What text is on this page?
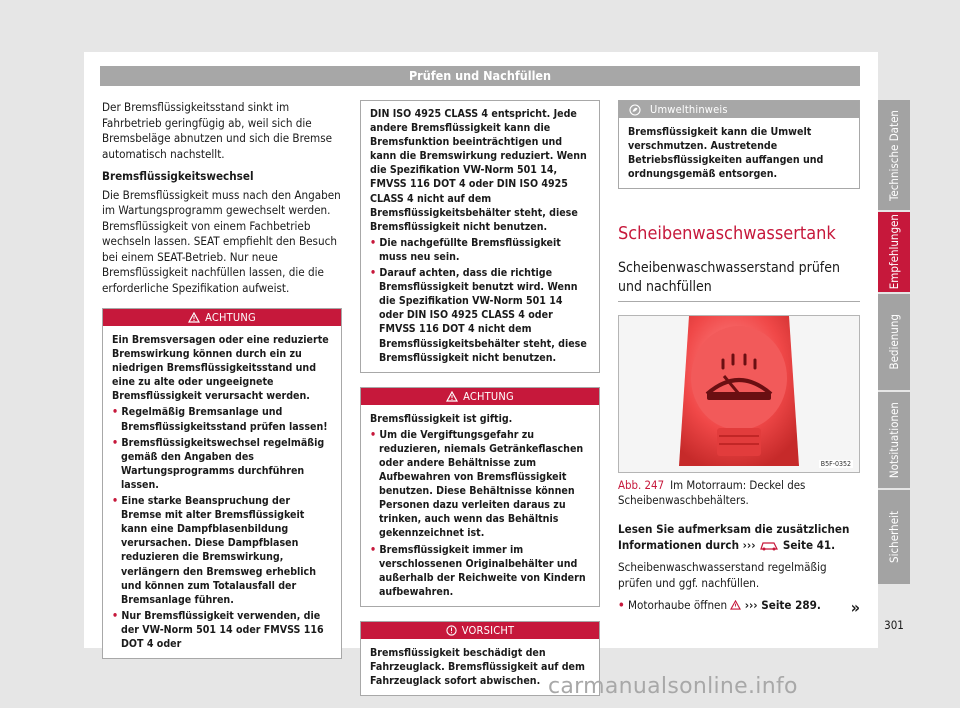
Prüfen und Nachfüllen
Technische Daten
Empfehlungen
Bedienung
Notsituationen
Sicherheit

Der Bremsflüssigkeitsstand sinkt im Fahrbetrieb geringfügig ab, weil sich die Bremsbeläge abnutzen und sich die Bremse automatisch nachstellt.

Bremsflüssigkeitswechsel

Die Bremsflüssigkeit muss nach den Angaben im Wartungsprogramm gewechselt werden. Bremsflüssigkeit von einem Fachbetrieb wechseln lassen. SEAT empfiehlt den Besuch bei einem SEAT-Betrieb. Nur neue Bremsflüssigkeit nachfüllen lassen, die die erforderliche Spezifikation aufweist.

ACHTUNG
Ein Bremsversagen oder eine reduzierte Bremswirkung können durch ein zu niedrigen Bremsflüssigkeitsstand und eine zu alte oder ungeeignete Bremsflüssigkeit verursacht werden.
• Regelmäßig Bremsanlage und Bremsflüssigkeitsstand prüfen lassen!
• Bremsflüssigkeitswechsel regelmäßig gemäß den Angaben des Wartungsprogramms durchführen lassen.
• Eine starke Beanspruchung der Bremse mit alter Bremsflüssigkeit kann eine Dampfblasenbildung verursachen. Diese Dampfblasen reduzieren die Bremswirkung, verlängern den Bremsweg erheblich und können zum Totalausfall der Bremsanlage führen.
• Nur Bremsflüssigkeit verwenden, die der VW-Norm 501 14 oder FMVSS 116 DOT 4 oder
DIN ISO 4925 CLASS 4 entspricht. Jede andere Bremsflüssigkeit kann die Bremsfunktion beeinträchtigen und kann die Bremswirkung reduziert. Wenn die Spezifikation VW-Norm 501 14, FMVSS 116 DOT 4 oder DIN ISO 4925 CLASS 4 nicht auf dem Bremsflüssigkeitsbehälter steht, diese Bremsflüssigkeit nicht benutzen.
• Die nachgefüllte Bremsflüssigkeit muss neu sein.
• Darauf achten, dass die richtige Bremsflüssigkeit benutzt wird. Wenn die Spezifikation VW-Norm 501 14 oder DIN ISO 4925 CLASS 4 oder FMVSS 116 DOT 4 nicht dem Bremsflüssigkeitsbehälter steht, diese Bremsflüssigkeit nicht benutzen.
ACHTUNG
Bremsflüssigkeit ist giftig.
• Um die Vergiftungsgefahr zu reduzieren, niemals Getränkeflaschen oder andere Behältnisse zum Aufbewahren von Bremsflüssigkeit benutzen. Diese Behältnisse können Personen dazu verleiten daraus zu trinken, auch wenn das Behältnis gekennzeichnet ist.
• Bremsflüssigkeit immer im verschlossenen Originalbehälter und außerhalb der Reichweite von Kindern aufbewahren.
VORSICHT
Bremsflüssigkeit beschädigt den Fahrzeuglack. Bremsflüssigkeit auf dem Fahrzeuglack sofort abwischen.
Umwelthinweis
Bremsflüssigkeit kann die Umwelt verschmutzen. Austretende Betriebsflüssigkeiten auffangen und ordnungsgemäß entsorgen.
Scheibenwaschwassertank
Scheibenwaschwasserstand prüfen und nachfüllen
B5F-0352

Abb. 247 Im Motorraum: Deckel des Scheibenwaschbehälters.

Lesen Sie aufmerksam die zusätzlichen Informationen durch ››› Seite 41.

Scheibenwaschwasserstand regelmäßig prüfen und ggf. nachfüllen.

• Motorhaube öffnen ››› Seite 289.	»
301
carmanualsonline.info
